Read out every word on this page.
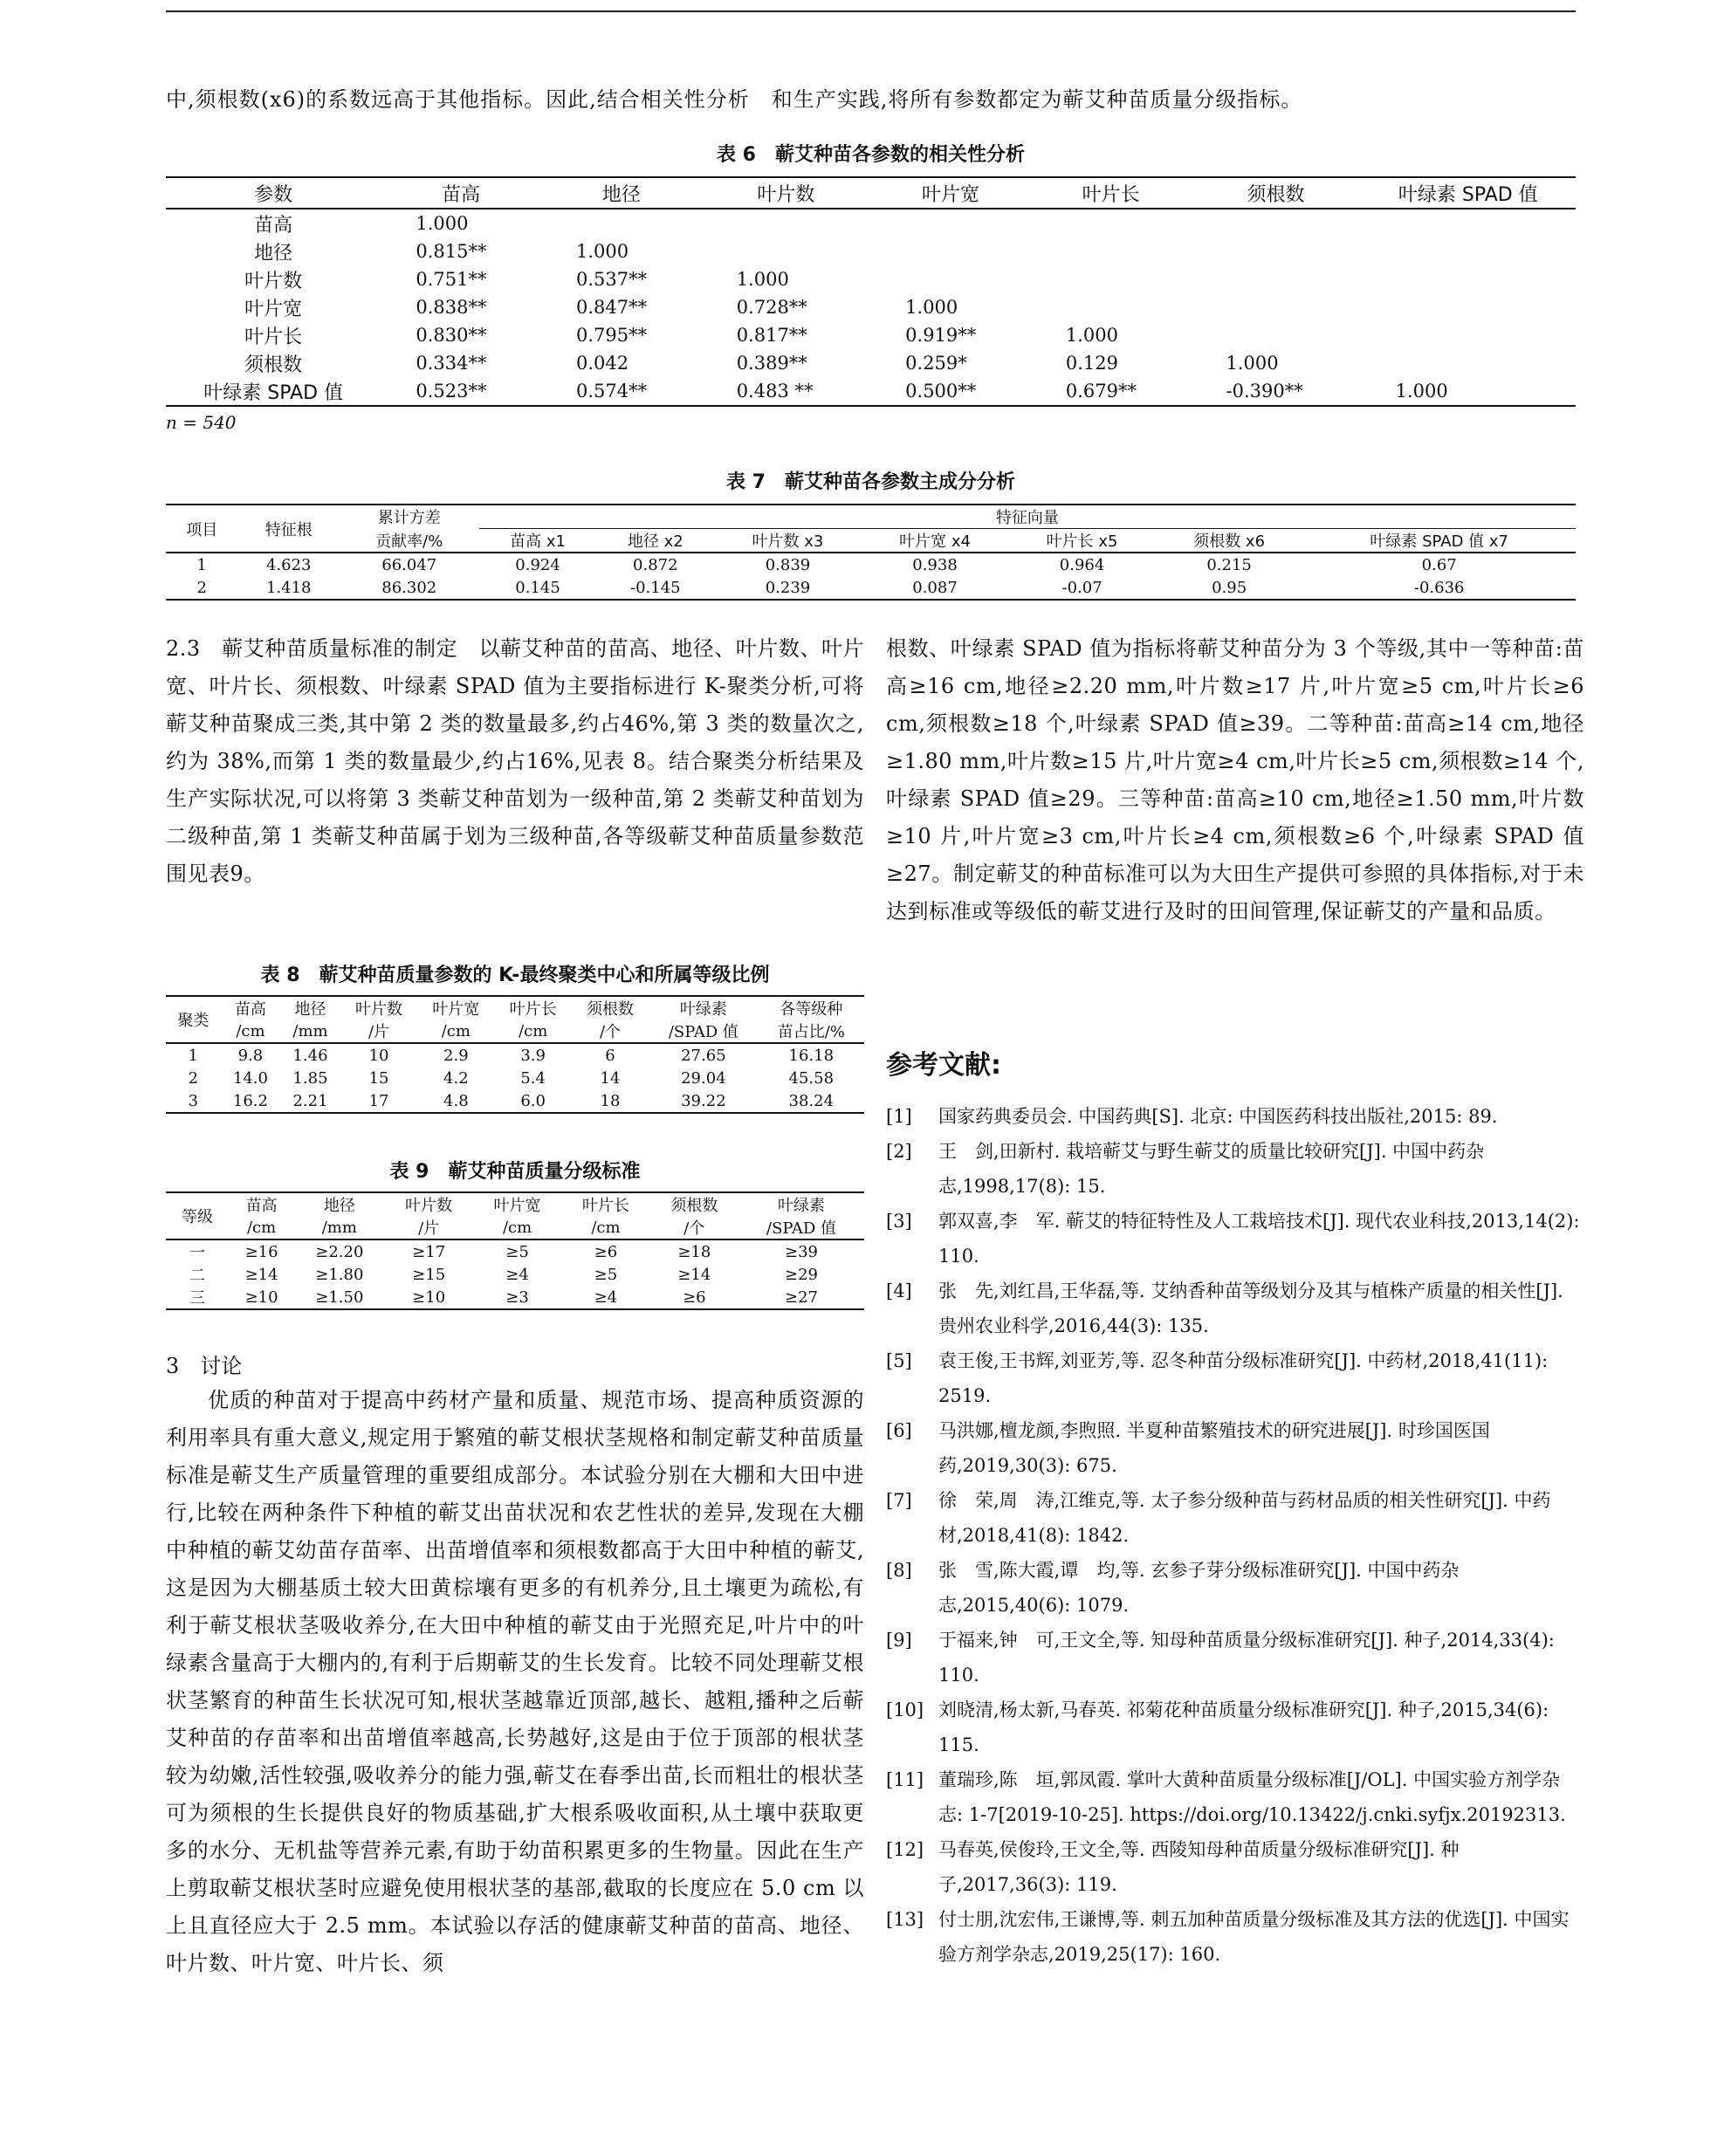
中,须根数(x6)的系数远高于其他指标。因此,结合相关性分析　和生产实践,将所有参数都定为蕲艾种苗质量分级指标。
表 6　蕲艾种苗各参数的相关性分析
参数	苗高	地径	叶片数	叶片宽	叶片长	须根数	叶绿素 SPAD 值
苗高	1.000						
地径	0.815**	1.000					
叶片数	0.751**	0.537**	1.000				
叶片宽	0.838**	0.847**	0.728**	1.000			
叶片长	0.830**	0.795**	0.817**	0.919**	1.000		
须根数	0.334**	0.042	0.389**	0.259*	0.129	1.000	
叶绿素 SPAD 值	0.523**	0.574**	0.483 **	0.500**	0.679**	-0.390**	1.000
n = 540
表 7　蕲艾种苗各参数主成分分析
项目	特征根	累计方差	特征向量						
		贡献率/%	苗高 x1	地径 x2	叶片数 x3	叶片宽 x4	叶片长 x5	须根数 x6	叶绿素 SPAD 值 x7
1	4.623	66.047	0.924	0.872	0.839	0.938	0.964	0.215	0.67
2	1.418	86.302	0.145	-0.145	0.239	0.087	-0.07	0.95	-0.636
2.3　蕲艾种苗质量标准的制定　以蕲艾种苗的苗高、地径、叶片数、叶片宽、叶片长、须根数、叶绿素 SPAD 值为主要指标进行 K-聚类分析,可将蕲艾种苗聚成三类,其中第 2 类的数量最多,约占46%,第 3 类的数量次之,约为 38%,而第 1 类的数量最少,约占16%,见表 8。结合聚类分析结果及生产实际状况,可以将第 3 类蕲艾种苗划为一级种苗,第 2 类蕲艾种苗划为二级种苗,第 1 类蕲艾种苗属于划为三级种苗,各等级蕲艾种苗质量参数范围见表9。
表 8　蕲艾种苗质量参数的 K-最终聚类中心和所属等级比例
聚类	苗高	地径	叶片数	叶片宽	叶片长	须根数	叶绿素	各等级种
	/cm	/mm	/片	/cm	/cm	/个	/SPAD 值	苗占比/%
1	9.8	1.46	10	2.9	3.9	6	27.65	16.18
2	14.0	1.85	15	4.2	5.4	14	29.04	45.58
3	16.2	2.21	17	4.8	6.0	18	39.22	38.24
表 9　蕲艾种苗质量分级标准
等级	苗高	地径	叶片数	叶片宽	叶片长	须根数	叶绿素
	/cm	/mm	/片	/cm	/cm	/个	/SPAD 值
一	≥16	≥2.20	≥17	≥5	≥6	≥18	≥39
二	≥14	≥1.80	≥15	≥4	≥5	≥14	≥29
三	≥10	≥1.50	≥10	≥3	≥4	≥6	≥27
3　讨论
优质的种苗对于提高中药材产量和质量、规范市场、提高种质资源的利用率具有重大意义,规定用于繁殖的蕲艾根状茎规格和制定蕲艾种苗质量标准是蕲艾生产质量管理的重要组成部分。本试验分别在大棚和大田中进行,比较在两种条件下种植的蕲艾出苗状况和农艺性状的差异,发现在大棚中种植的蕲艾幼苗存苗率、出苗增值率和须根数都高于大田中种植的蕲艾,这是因为大棚基质土较大田黄棕壤有更多的有机养分,且土壤更为疏松,有利于蕲艾根状茎吸收养分,在大田中种植的蕲艾由于光照充足,叶片中的叶绿素含量高于大棚内的,有利于后期蕲艾的生长发育。比较不同处理蕲艾根状茎繁育的种苗生长状况可知,根状茎越靠近顶部,越长、越粗,播种之后蕲艾种苗的存苗率和出苗增值率越高,长势越好,这是由于位于顶部的根状茎较为幼嫩,活性较强,吸收养分的能力强,蕲艾在春季出苗,长而粗壮的根状茎可为须根的生长提供良好的物质基础,扩大根系吸收面积,从土壤中获取更多的水分、无机盐等营养元素,有助于幼苗积累更多的生物量。因此在生产上剪取蕲艾根状茎时应避免使用根状茎的基部,截取的长度应在 5.0 cm 以上且直径应大于 2.5 mm。本试验以存活的健康蕲艾种苗的苗高、地径、叶片数、叶片宽、叶片长、须
根数、叶绿素 SPAD 值为指标将蕲艾种苗分为 3 个等级,其中一等种苗:苗高≥16 cm,地径≥2.20 mm,叶片数≥17 片,叶片宽≥5 cm,叶片长≥6 cm,须根数≥18 个,叶绿素 SPAD 值≥39。二等种苗:苗高≥14 cm,地径≥1.80 mm,叶片数≥15 片,叶片宽≥4 cm,叶片长≥5 cm,须根数≥14 个,叶绿素 SPAD 值≥29。三等种苗:苗高≥10 cm,地径≥1.50 mm,叶片数≥10 片,叶片宽≥3 cm,叶片长≥4 cm,须根数≥6 个,叶绿素 SPAD 值≥27。制定蕲艾的种苗标准可以为大田生产提供可参照的具体指标,对于未达到标准或等级低的蕲艾进行及时的田间管理,保证蕲艾的产量和品质。
参考文献:
[1]	国家药典委员会. 中国药典[S]. 北京: 中国医药科技出版社,2015: 89.
[2]	王　剑,田新村. 栽培蕲艾与野生蕲艾的质量比较研究[J]. 中国中药杂志,1998,17(8): 15.
[3]	郭双喜,李　军. 蕲艾的特征特性及人工栽培技术[J]. 现代农业科技,2013,14(2): 110.
[4]	张　先,刘红昌,王华磊,等. 艾纳香种苗等级划分及其与植株产质量的相关性[J]. 贵州农业科学,2016,44(3): 135.
[5]	袁王俊,王书辉,刘亚芳,等. 忍冬种苗分级标准研究[J]. 中药材,2018,41(11): 2519.
[6]	马洪娜,檀龙颜,李煦照. 半夏种苗繁殖技术的研究进展[J]. 时珍国医国药,2019,30(3): 675.
[7]	徐　荣,周　涛,江维克,等. 太子参分级种苗与药材品质的相关性研究[J]. 中药材,2018,41(8): 1842.
[8]	张　雪,陈大霞,谭　均,等. 玄参子芽分级标准研究[J]. 中国中药杂志,2015,40(6): 1079.
[9]	于福来,钟　可,王文全,等. 知母种苗质量分级标准研究[J]. 种子,2014,33(4): 110.
[10] 刘晓清,杨太新,马春英. 祁菊花种苗质量分级标准研究[J]. 种子,2015,34(6): 115.
[11] 董瑞珍,陈　垣,郭凤霞. 掌叶大黄种苗质量分级标准[J/OL]. 中国实验方剂学杂志: 1-7[2019-10-25]. https://doi.org/10.13422/j.cnki.syfjx.20192313.
[12] 马春英,侯俊玲,王文全,等. 西陵知母种苗质量分级标准研究[J]. 种子,2017,36(3): 119.
[13] 付士朋,沈宏伟,王谦博,等. 刺五加种苗质量分级标准及其方法的优选[J]. 中国实验方剂学杂志,2019,25(17): 160.
